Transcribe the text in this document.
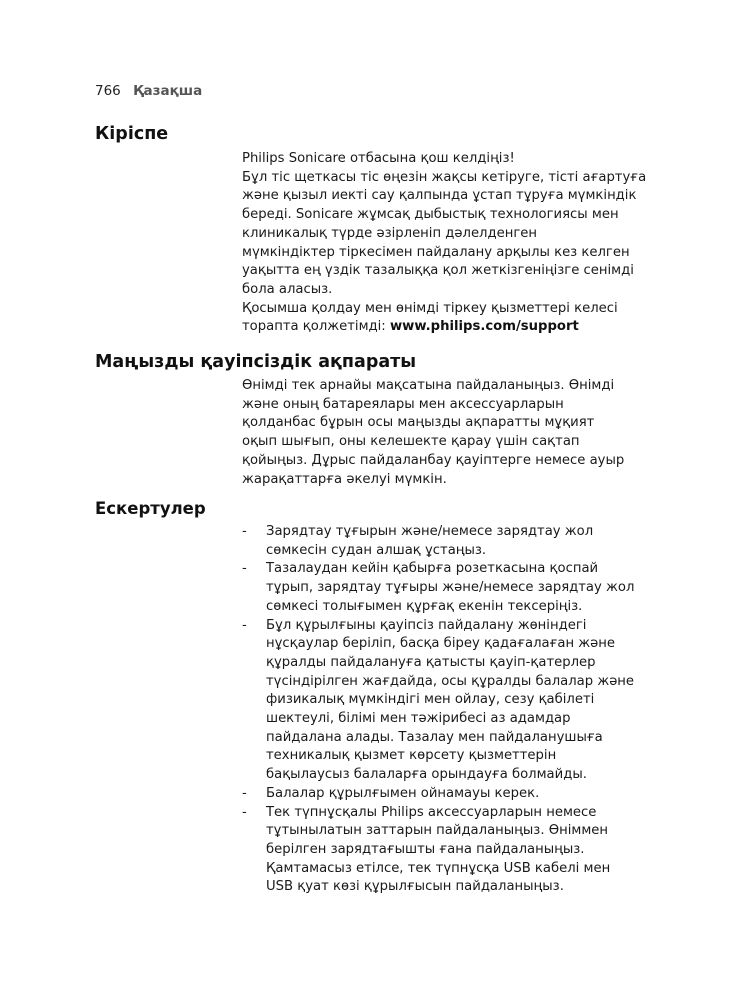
766 Қазақша
Кіріспе
Philips Sonicare отбасына қош келдіңіз!
Бұл тіс щеткасы тіс өңезін жақсы кетіруге, тісті ағартуға
және қызыл иекті сау қалпында ұстап тұруға мүмкіндік
береді. Sonicare жұмсақ дыбыстық технологиясы мен
клиникалық түрде әзірленіп дәлелденген
мүмкіндіктер тіркесімен пайдалану арқылы кез келген
уақытта ең үздік тазалыққа қол жеткізгеніңізге сенімді
бола аласыз.
Қосымша қолдау мен өнімді тіркеу қызметтері келесі
торапта қолжетімді: www.philips.com/support
Маңызды қауіпсіздік ақпараты
Өнімді тек арнайы мақсатына пайдаланыңыз. Өнімді
және оның батареялары мен аксессуарларын
қолданбас бұрын осы маңызды ақпаратты мұқият
оқып шығып, оны келешекте қарау үшін сақтап
қойыңыз. Дұрыс пайдаланбау қауіптерге немесе ауыр
жарақаттарға әкелуі мүмкін.
Ескертулер
- Зарядтау тұғырын және/немесе зарядтау жол
сөмкесін судан алшақ ұстаңыз.
- Тазалаудан кейін қабырға розеткасына қоспай
тұрып, зарядтау тұғыры және/немесе зарядтау жол
сөмкесі толығымен құрғақ екенін тексеріңіз.
- Бұл құрылғыны қауіпсіз пайдалану жөніндегі
нұсқаулар беріліп, басқа біреу қадағалаған және
құралды пайдалануға қатысты қауіп-қатерлер
түсіндірілген жағдайда, осы құралды балалар және
физикалық мүмкіндігі мен ойлау, сезу қабілеті
шектеулі, білімі мен тәжірибесі аз адамдар
пайдалана алады. Тазалау мен пайдаланушыға
техникалық қызмет көрсету қызметтерін
бақылаусыз балаларға орындауға болмайды.
- Балалар құрылғымен ойнамауы керек.
- Тек түпнұсқалы Philips аксессуарларын немесе
тұтынылатын заттарын пайдаланыңыз. Өніммен
берілген зарядтағышты ғана пайдаланыңыз.
Қамтамасыз етілсе, тек түпнұсқа USB кабелі мен
USB қуат көзі құрылғысын пайдаланыңыз.
